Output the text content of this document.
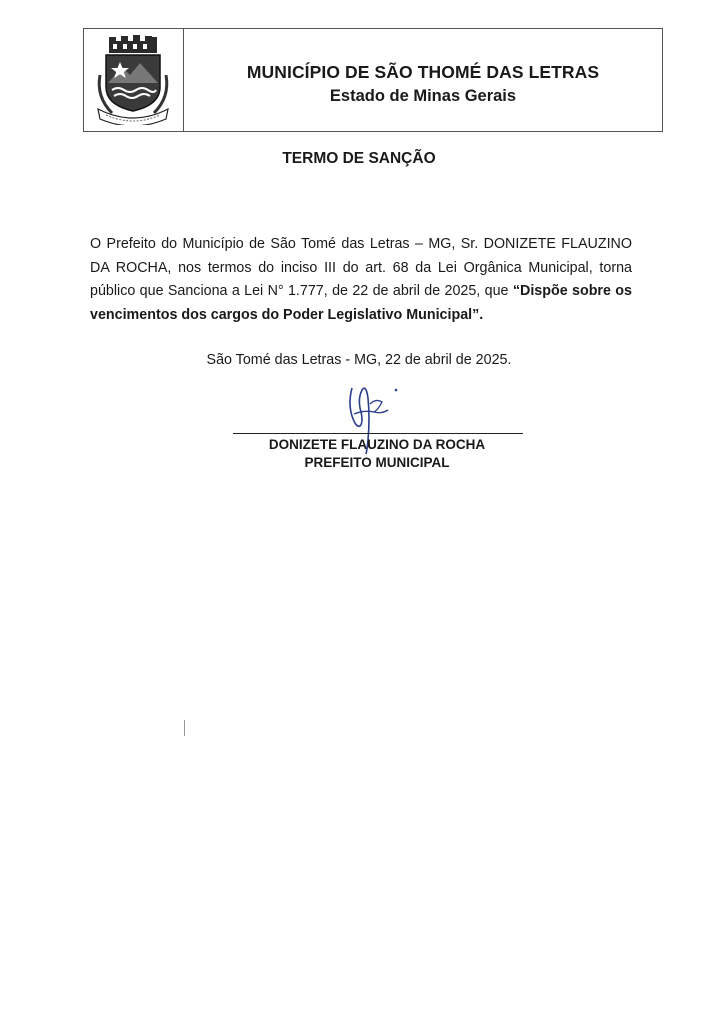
MUNICÍPIO DE SÃO THOMÉ DAS LETRAS
Estado de Minas Gerais
TERMO DE SANÇÃO
O Prefeito do Município de São Tomé das Letras – MG, Sr. DONIZETE FLAUZINO DA ROCHA, nos termos do inciso III do art. 68 da Lei Orgânica Municipal, torna público que Sanciona a Lei N° 1.777, de 22 de abril de 2025, que “Dispõe sobre os vencimentos dos cargos do Poder Legislativo Municipal”.
São Tomé das Letras - MG, 22 de abril de 2025.
DONIZETE FLAUZINO DA ROCHA
PREFEITO MUNICIPAL
